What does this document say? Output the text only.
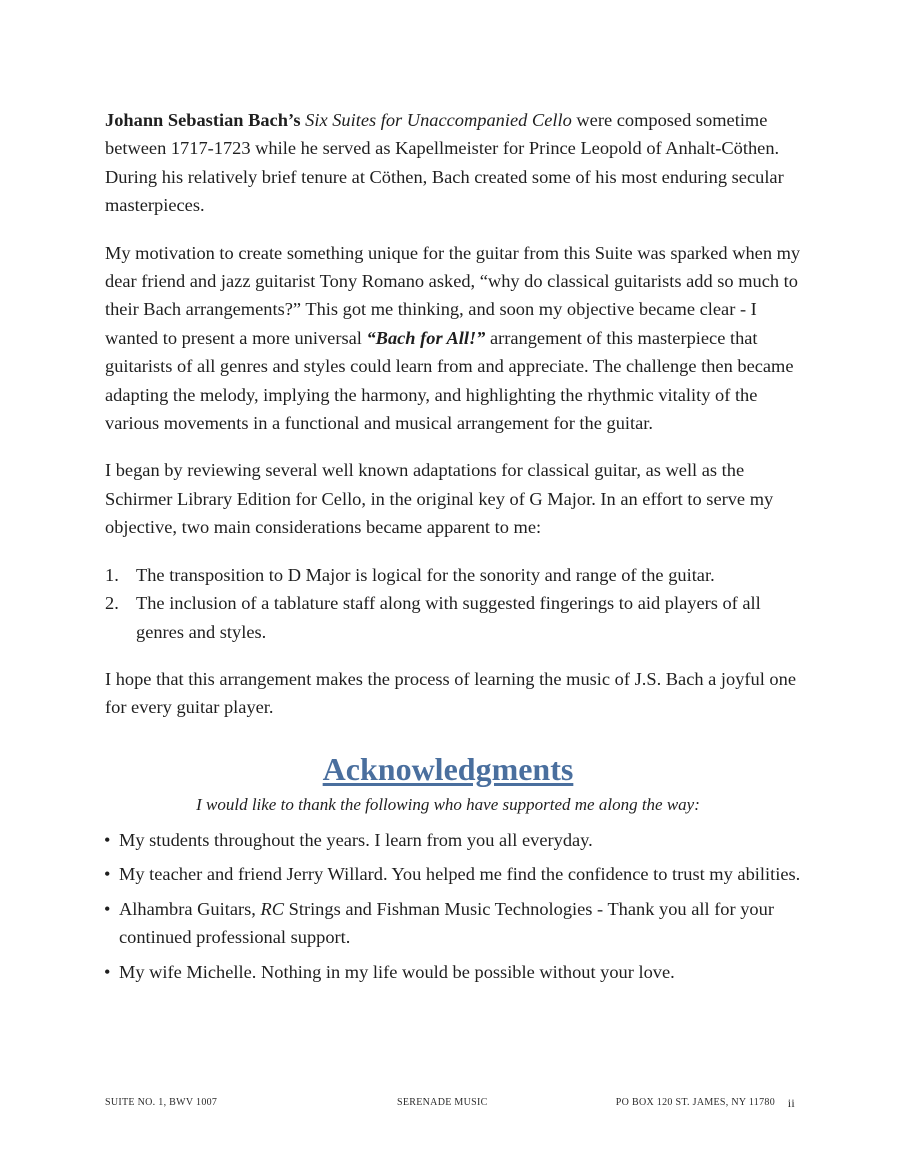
Johann Sebastian Bach’s Six Suites for Unaccompanied Cello were composed sometime between 1717-1723 while he served as Kapellmeister for Prince Leopold of Anhalt-Cöthen. During his relatively brief tenure at Cöthen, Bach created some of his most enduring secular masterpieces.

My motivation to create something unique for the guitar from this Suite was sparked when my dear friend and jazz guitarist Tony Romano asked, “why do classical guitarists add so much to their Bach arrangements?” This got me thinking, and soon my objective became clear - I wanted to present a more universal “Bach for All!” arrangement of this masterpiece that guitarists of all genres and styles could learn from and appreciate. The challenge then became adapting the melody, implying the harmony, and highlighting the rhythmic vitality of the various movements in a functional and musical arrangement for the guitar.

I began by reviewing several well known adaptations for classical guitar, as well as the Schirmer Library Edition for Cello, in the original key of G Major. In an effort to serve my objective, two main considerations became apparent to me:

1. The transposition to D Major is logical for the sonority and range of the guitar.
2. The inclusion of a tablature staff along with suggested fingerings to aid players of all genres and styles.

I hope that this arrangement makes the process of learning the music of J.S. Bach a joyful one for every guitar player.

Acknowledgments
I would like to thank the following who have supported me along the way:
• My students throughout the years. I learn from you all everyday.
• My teacher and friend Jerry Willard. You helped me find the confidence to trust my abilities.
• Alhambra Guitars, RC Strings and Fishman Music Technologies - Thank you all for your continued professional support.
• My wife Michelle. Nothing in my life would be possible without your love.
SUITE NO. 1, BWV 1007	SERENADE MUSIC	PO BOX 120 ST. JAMES, NY 11780 ii
